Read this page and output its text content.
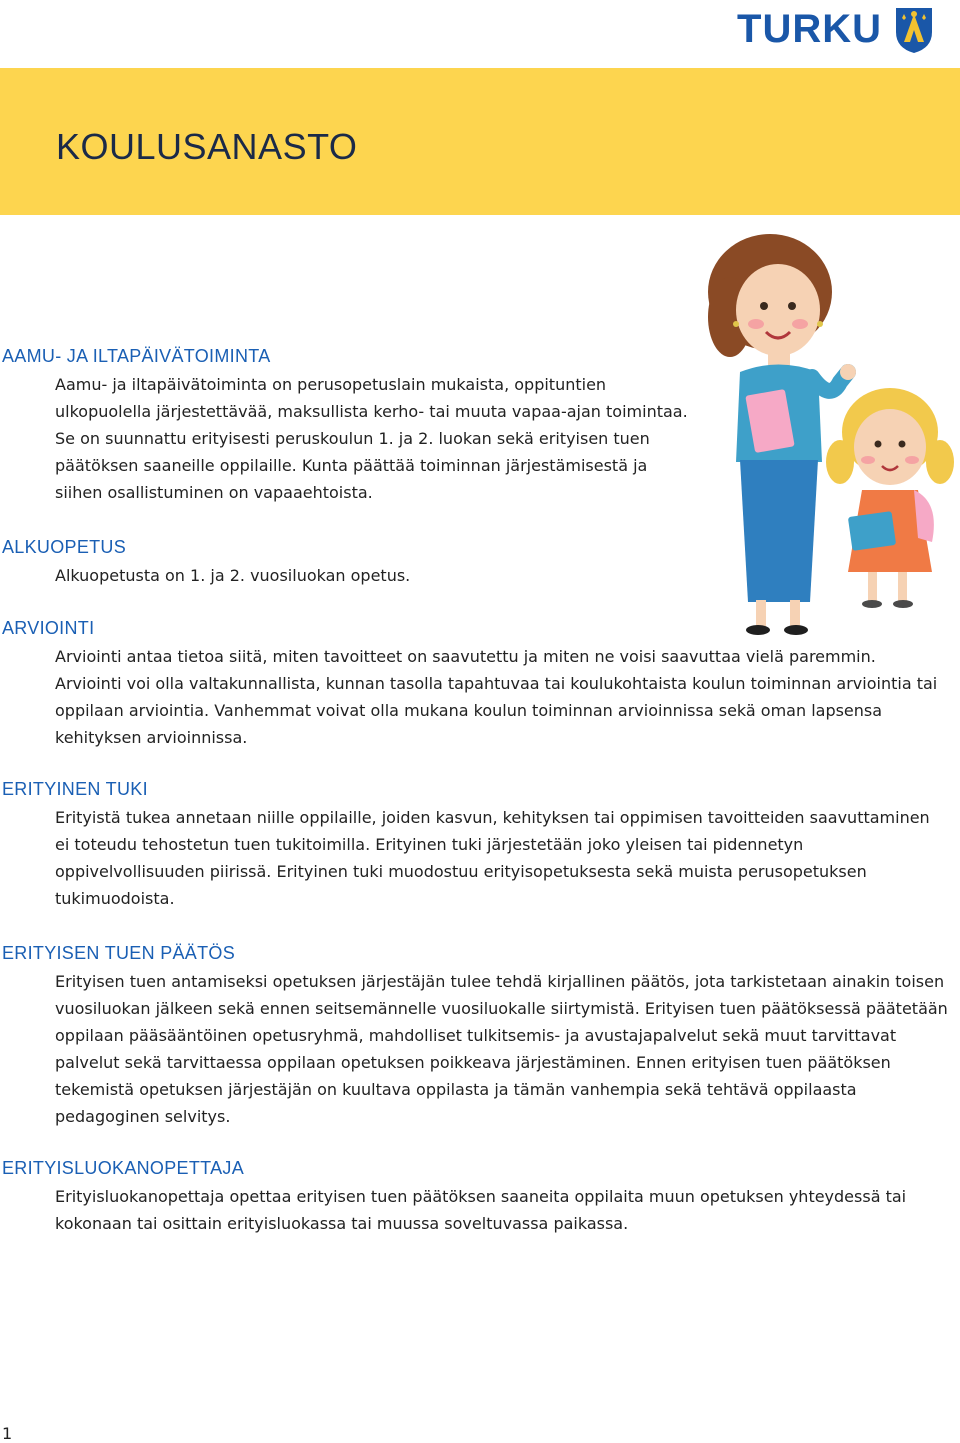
TURKU
KOULUSANASTO
AAMU- JA ILTAPÄIVÄTOIMINTA

Aamu- ja iltapäivätoiminta on perusopetuslain mukaista, oppituntien ulkopuolella järjestettävää, maksullista kerho- tai muuta vapaa-ajan toimintaa. Se on suunnattu erityisesti peruskoulun 1. ja 2. luokan sekä erityisen tuen päätöksen saaneille oppilaille. Kunta päättää toiminnan järjestämisestä ja siihen osallistuminen on vapaaehtoista.

ALKUOPETUS

Alkuopetusta on 1. ja 2. vuosiluokan opetus.

ARVIOINTI

Arviointi antaa tietoa siitä, miten tavoitteet on saavutettu ja miten ne voisi saavuttaa vielä paremmin. Arviointi voi olla valtakunnallista, kunnan tasolla tapahtuvaa tai koulukohtaista koulun toiminnan arviointia tai oppilaan arviointia. Vanhemmat voivat olla mukana koulun toiminnan arvioinnissa sekä oman lapsensa kehityksen arvioinnissa.

ERITYINEN TUKI

Erityistä tukea annetaan niille oppilaille, joiden kasvun, kehityksen tai oppimisen tavoitteiden saavuttaminen ei toteudu tehostetun tuen tukitoimilla. Erityinen tuki järjestetään joko yleisen tai pidennetyn oppivelvollisuuden piirissä. Erityinen tuki muodostuu erityisopetuksesta sekä muista perusopetuksen tukimuodoista.

ERITYISEN TUEN PÄÄTÖS

Erityisen tuen antamiseksi opetuksen järjestäjän tulee tehdä kirjallinen päätös, jota tarkistetaan ainakin toisen vuosiluokan jälkeen sekä ennen seitsemännelle vuosiluokalle siirtymistä. Erityisen tuen päätöksessä päätetään oppilaan pääsääntöinen opetusryhmä, mahdolliset tulkitsemis- ja avustajapalvelut sekä muut tarvittavat palvelut sekä tarvittaessa oppilaan opetuksen poikkeava järjestäminen. Ennen erityisen tuen päätöksen tekemistä opetuksen järjestäjän on kuultava oppilasta ja tämän vanhempia sekä tehtävä oppilaasta pedagoginen selvitys.

ERITYISLUOKANOPETTAJA

Erityisluokanopettaja opettaa erityisen tuen päätöksen saaneita oppilaita muun opetuksen yhteydessä tai kokonaan tai osittain erityisluokassa tai muussa soveltuvassa paikassa.

1
